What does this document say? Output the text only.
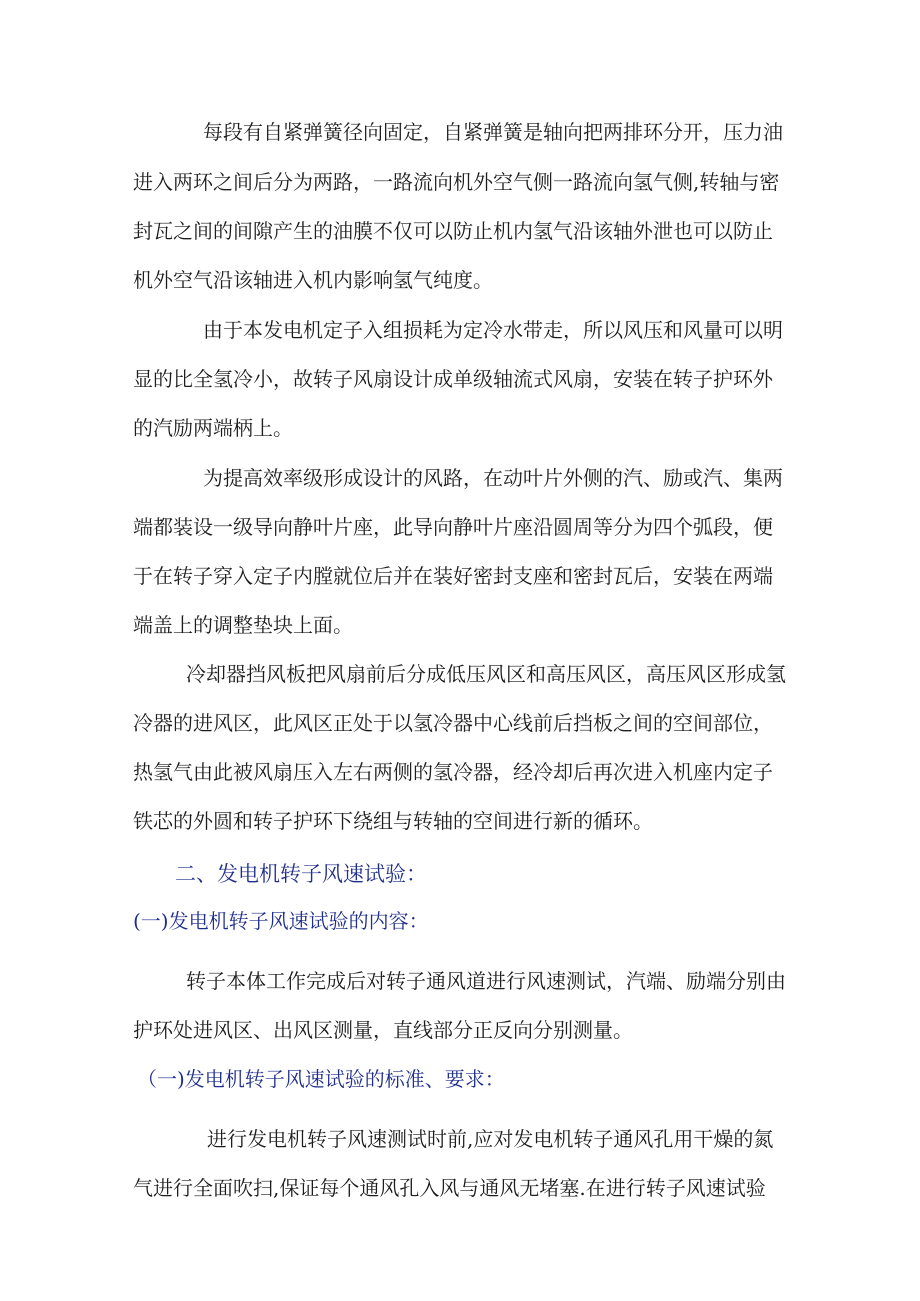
每段有自紧弹簧径向固定，自紧弹簧是轴向把两排环分开，压力油
进入两环之间后分为两路，一路流向机外空气侧一路流向氢气侧,转轴与密
封瓦之间的间隙产生的油膜不仅可以防止机内氢气沿该轴外泄也可以防止
机外空气沿该轴进入机内影响氢气纯度。
由于本发电机定子入组损耗为定冷水带走，所以风压和风量可以明
显的比全氢冷小，故转子风扇设计成单级轴流式风扇，安装在转子护环外
的汽励两端柄上。
为提高效率级形成设计的风路，在动叶片外侧的汽、励或汽、集两
端都装设一级导向静叶片座，此导向静叶片座沿圆周等分为四个弧段，便
于在转子穿入定子内膛就位后并在装好密封支座和密封瓦后，安装在两端
端盖上的调整垫块上面。
冷却器挡风板把风扇前后分成低压风区和高压风区，高压风区形成氢
冷器的进风区，此风区正处于以氢冷器中心线前后挡板之间的空间部位，
热氢气由此被风扇压入左右两侧的氢冷器，经冷却后再次进入机座内定子
铁芯的外圆和转子护环下绕组与转轴的空间进行新的循环。
二、发电机转子风速试验：
(一)发电机转子风速试验的内容：
转子本体工作完成后对转子通风道进行风速测试，汽端、励端分别由
护环处进风区、出风区测量，直线部分正反向分别测量。
（一)发电机转子风速试验的标准、要求：
进行发电机转子风速测试时前,应对发电机转子通风孔用干燥的氮
气进行全面吹扫,保证每个通风孔入风与通风无堵塞.在进行转子风速试验
